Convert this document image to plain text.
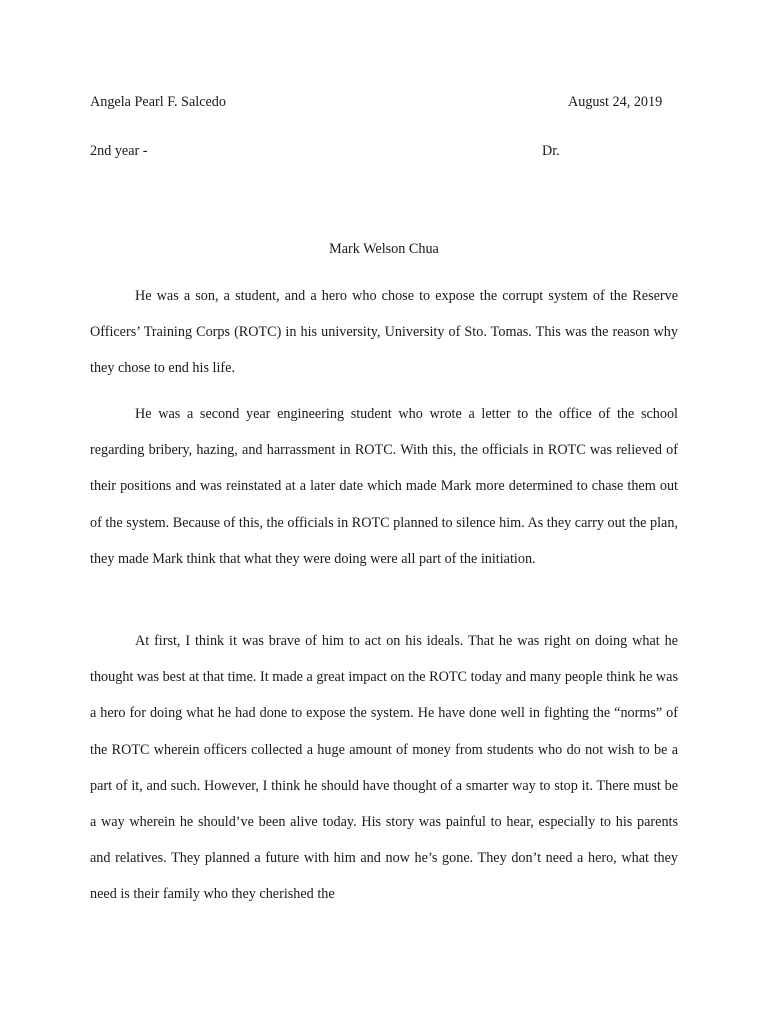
Angela Pearl F. Salcedo	August 24, 2019
2nd year -	Dr.
Mark Welson Chua

He was a son, a student, and a hero who chose to expose the corrupt system of the Reserve Officers’ Training Corps (ROTC) in his university, University of Sto. Tomas. This was the reason why they chose to end his life.

He was a second year engineering student who wrote a letter to the office of the school regarding bribery, hazing, and harrassment in ROTC. With this, the officials in ROTC was relieved of their positions and was reinstated at a later date which made Mark more determined to chase them out of the system. Because of this, the officials in ROTC planned to silence him. As they carry out the plan, they made Mark think that what they were doing were all part of the initiation.

At first, I think it was brave of him to act on his ideals. That he was right on doing what he thought was best at that time. It made a great impact on the ROTC today and many people think he was a hero for doing what he had done to expose the system. He have done well in fighting the “norms” of the ROTC wherein officers collected a huge amount of money from students who do not wish to be a part of it, and such. However, I think he should have thought of a smarter way to stop it. There must be a way wherein he should’ve been alive today. His story was painful to hear, especially to his parents and relatives. They planned a future with him and now he’s gone. They don’t need a hero, what they need is their family who they cherished the
